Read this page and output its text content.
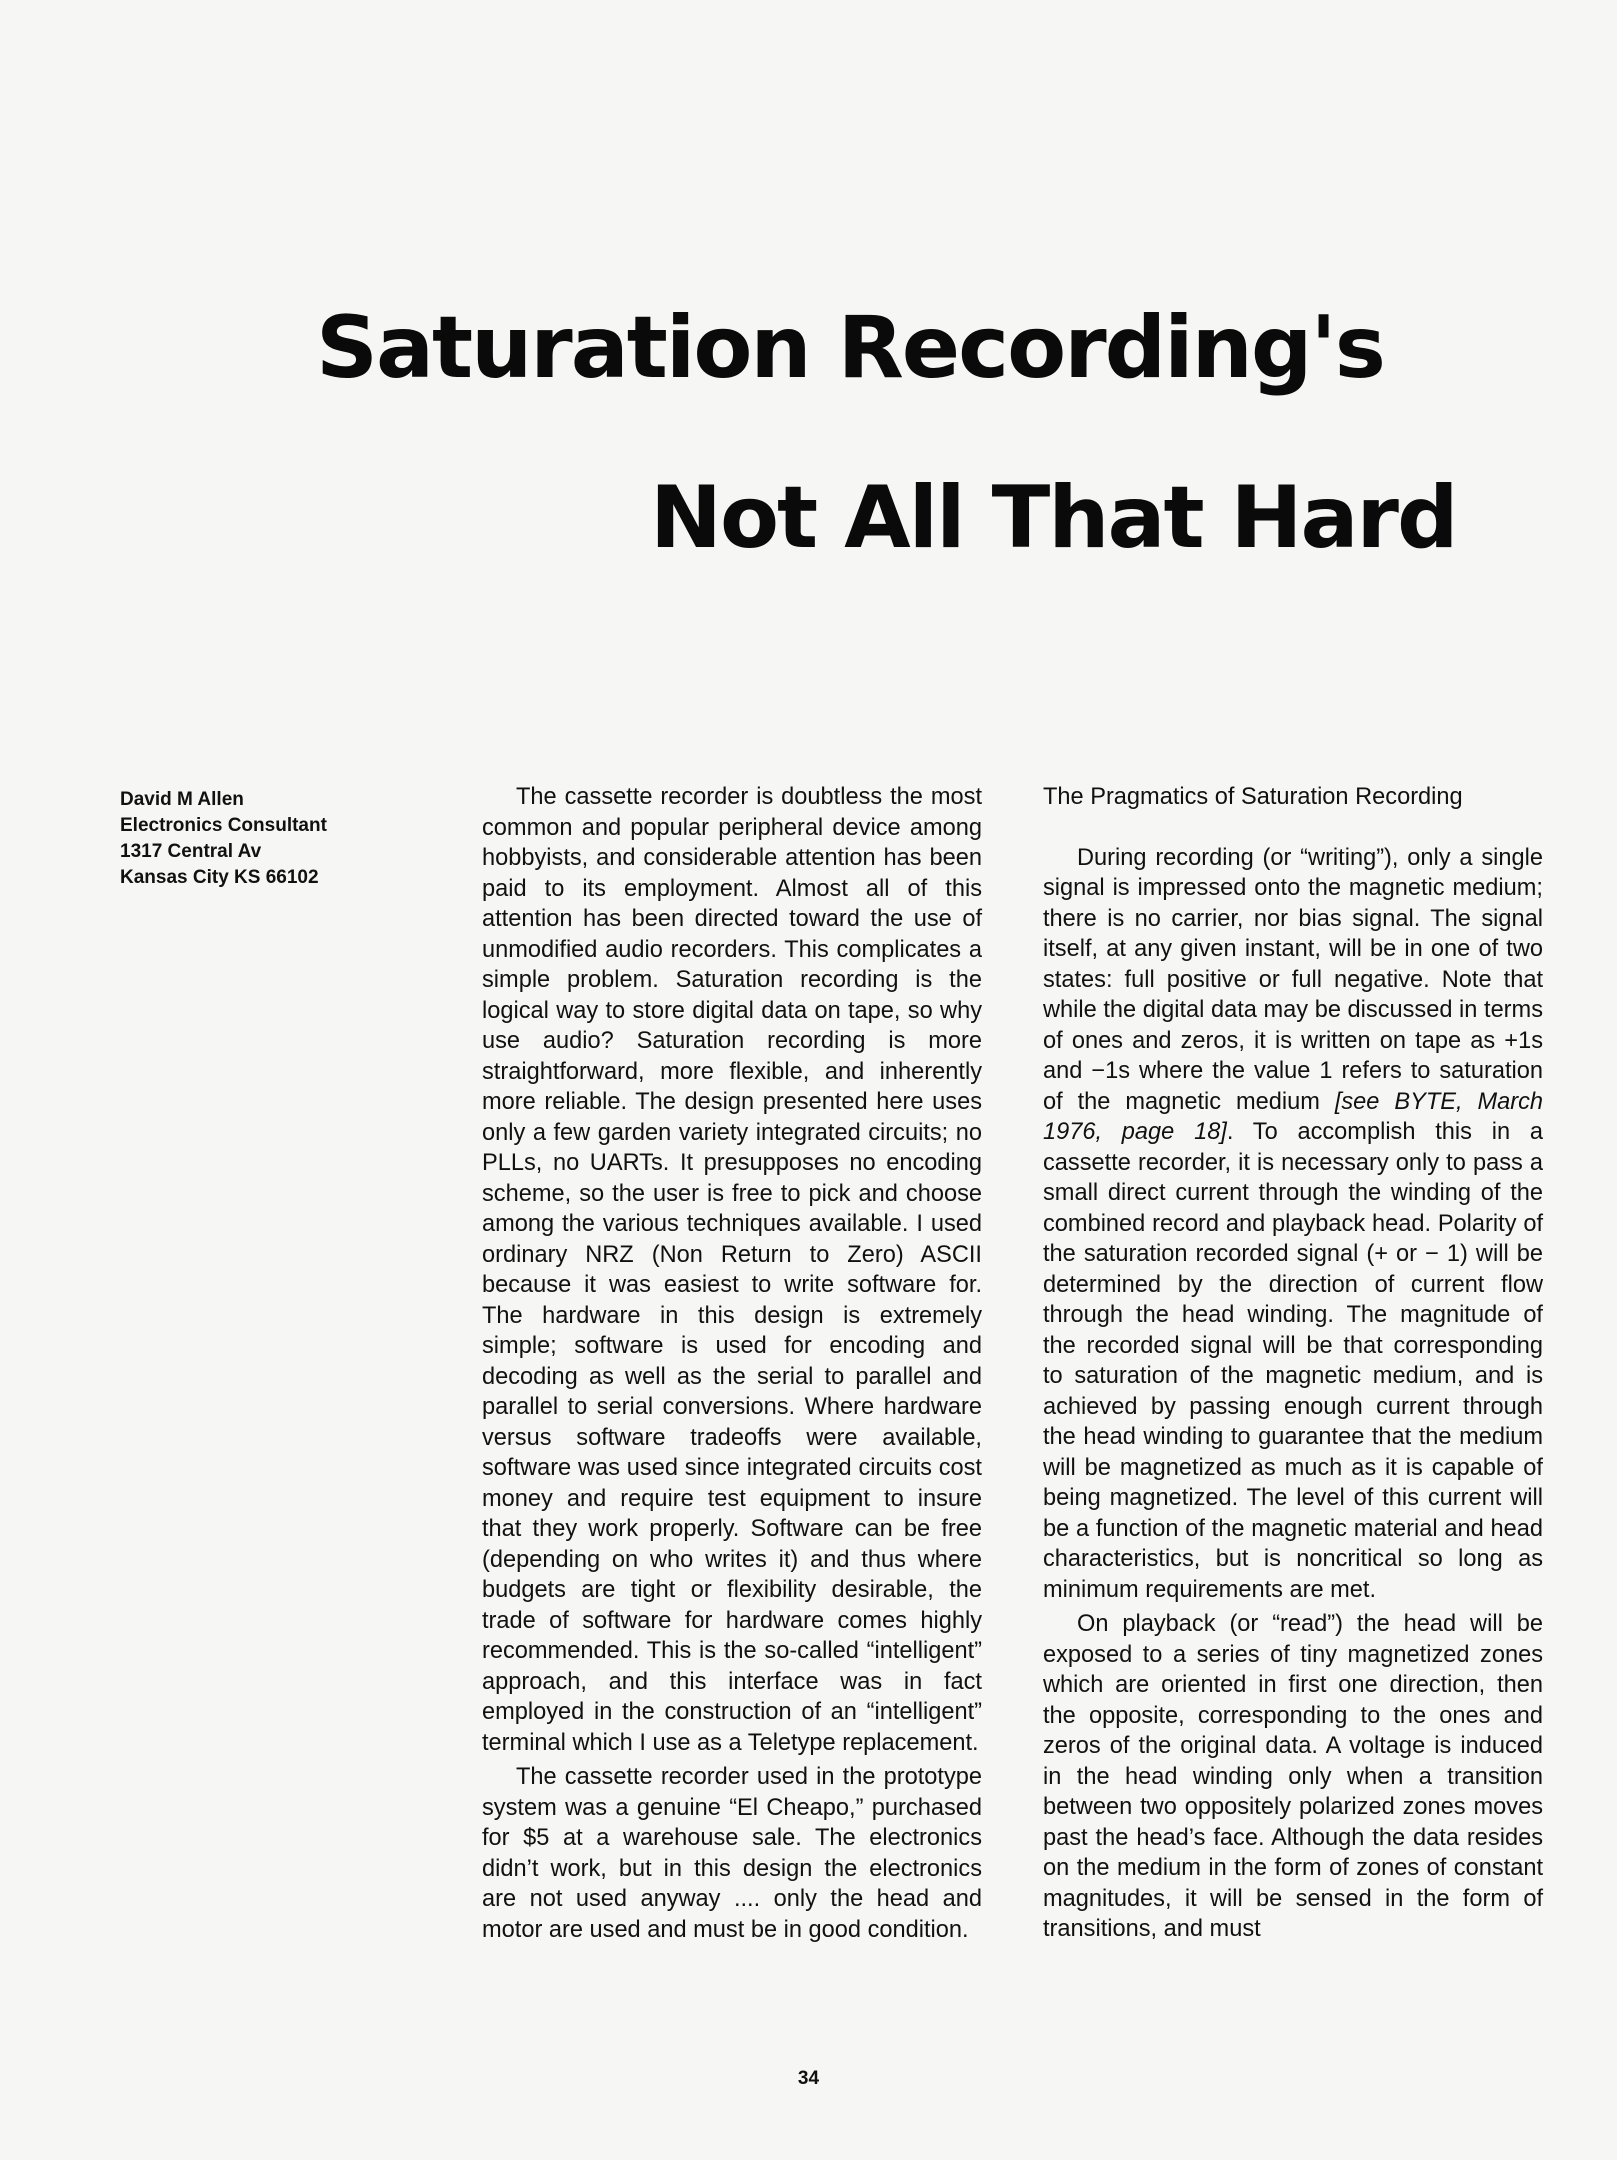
Saturation Recording's
Not All That Hard
David M Allen
Electronics Consultant
1317 Central Av
Kansas City KS 66102

The cassette recorder is doubtless the most common and popular peripheral device among hobbyists, and considerable attention has been paid to its employment. Almost all of this attention has been directed toward the use of unmodified audio recorders. This complicates a simple problem. Saturation recording is the logical way to store digital data on tape, so why use audio? Saturation recording is more straightforward, more flexible, and inherently more reliable. The design presented here uses only a few garden variety integrated circuits; no PLLs, no UARTs. It presupposes no encoding scheme, so the user is free to pick and choose among the various techniques available. I used ordinary NRZ (Non Return to Zero) ASCII because it was easiest to write software for. The hardware in this design is extremely simple; software is used for encoding and decoding as well as the serial to parallel and parallel to serial conversions. Where hardware versus software tradeoffs were available, software was used since integrated circuits cost money and require test equipment to insure that they work properly. Software can be free (depending on who writes it) and thus where budgets are tight or flexibility desirable, the trade of software for hardware comes highly recommended. This is the so-called “intelligent” approach, and this interface was in fact employed in the construction of an “intelligent” terminal which I use as a Teletype replacement.

The cassette recorder used in the prototype system was a genuine “El Cheapo,” purchased for $5 at a warehouse sale. The electronics didn’t work, but in this design the electronics are not used anyway .... only the head and motor are used and must be in good condition.

The Pragmatics of Saturation Recording

During recording (or “writing”), only a single signal is impressed onto the magnetic medium; there is no carrier, nor bias signal. The signal itself, at any given instant, will be in one of two states: full positive or full negative. Note that while the digital data may be discussed in terms of ones and zeros, it is written on tape as +1s and −1s where the value 1 refers to saturation of the magnetic medium [see BYTE, March 1976, page 18]. To accomplish this in a cassette recorder, it is necessary only to pass a small direct current through the winding of the combined record and playback head. Polarity of the saturation recorded signal (+ or − 1) will be determined by the direction of current flow through the head winding. The magnitude of the recorded signal will be that corresponding to saturation of the magnetic medium, and is achieved by passing enough current through the head winding to guarantee that the medium will be magnetized as much as it is capable of being magnetized. The level of this current will be a function of the magnetic material and head characteristics, but is noncritical so long as minimum requirements are met.

On playback (or “read”) the head will be exposed to a series of tiny magnetized zones which are oriented in first one direction, then the opposite, corresponding to the ones and zeros of the original data. A voltage is induced in the head winding only when a transition between two oppositely polarized zones moves past the head’s face. Although the data resides on the medium in the form of zones of constant magnitudes, it will be sensed in the form of transitions, and must

34
